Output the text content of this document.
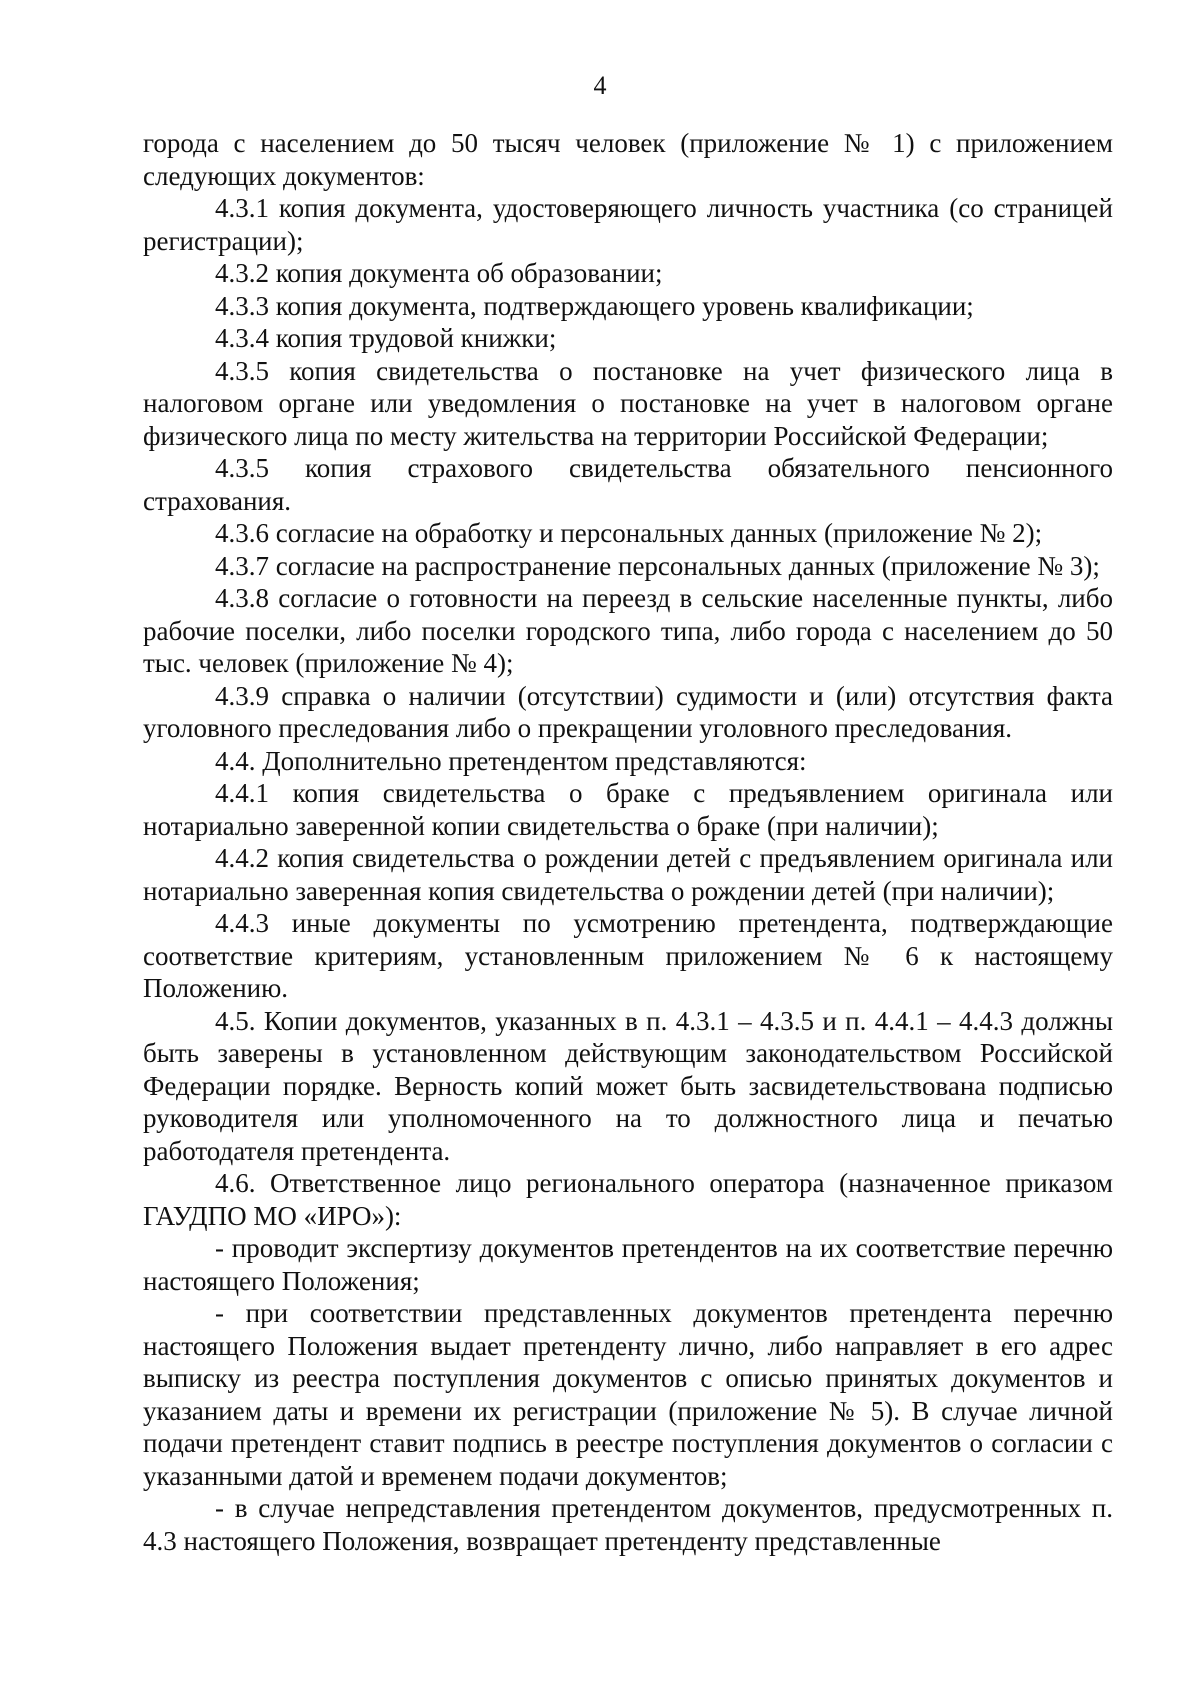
4

города с населением до 50 тысяч человек (приложение № 1) с приложением следующих документов:

4.3.1 копия документа, удостоверяющего личность участника (со страницей регистрации);

4.3.2 копия документа об образовании;

4.3.3 копия документа, подтверждающего уровень квалификации;

4.3.4 копия трудовой книжки;

4.3.5 копия свидетельства о постановке на учет физического лица в налоговом органе или уведомления о постановке на учет в налоговом органе физического лица по месту жительства на территории Российской Федерации;

4.3.5 копия страхового свидетельства обязательного пенсионного страхования.

4.3.6 согласие на обработку и персональных данных (приложение № 2);

4.3.7 согласие на распространение персональных данных (приложение № 3);

4.3.8 согласие о готовности на переезд в сельские населенные пункты, либо рабочие поселки, либо поселки городского типа, либо города с населением до 50 тыс. человек (приложение № 4);

4.3.9 справка о наличии (отсутствии) судимости и (или) отсутствия факта уголовного преследования либо о прекращении уголовного преследования.

4.4. Дополнительно претендентом представляются:

4.4.1 копия свидетельства о браке с предъявлением оригинала или нотариально заверенной копии свидетельства о браке (при наличии);

4.4.2 копия свидетельства о рождении детей с предъявлением оригинала или нотариально заверенная копия свидетельства о рождении детей (при наличии);

4.4.3 иные документы по усмотрению претендента, подтверждающие соответствие критериям, установленным приложением № 6 к настоящему Положению.

4.5. Копии документов, указанных в п. 4.3.1 – 4.3.5 и п. 4.4.1 – 4.4.3 должны быть заверены в установленном действующим законодательством Российской Федерации порядке. Верность копий может быть засвидетельствована подписью руководителя или уполномоченного на то должностного лица и печатью работодателя претендента.

4.6. Ответственное лицо регионального оператора (назначенное приказом ГАУДПО МО «ИРО»):

- проводит экспертизу документов претендентов на их соответствие перечню настоящего Положения;

- при соответствии представленных документов претендента перечню настоящего Положения выдает претенденту лично, либо направляет в его адрес выписку из реестра поступления документов с описью принятых документов и указанием даты и времени их регистрации (приложение № 5). В случае личной подачи претендент ставит подпись в реестре поступления документов о согласии с указанными датой и временем подачи документов;

- в случае непредставления претендентом документов, предусмотренных п. 4.3 настоящего Положения, возвращает претенденту представленные
